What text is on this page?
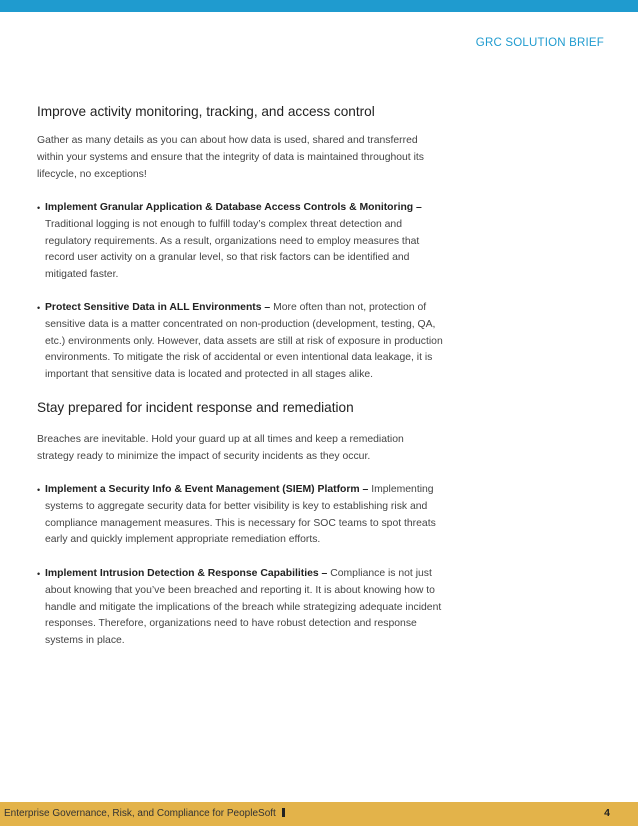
GRC SOLUTION BRIEF
Improve activity monitoring, tracking, and access control

Gather as many details as you can about how data is used, shared and transferred within your systems and ensure that the integrity of data is maintained throughout its lifecycle, no exceptions!

• Implement Granular Application & Database Access Controls & Monitoring – Traditional logging is not enough to fulfill today’s complex threat detection and regulatory requirements. As a result, organizations need to employ measures that record user activity on a granular level, so that risk factors can be identified and mitigated faster.
• Protect Sensitive Data in ALL Environments – More often than not, protection of sensitive data is a matter concentrated on non-production (development, testing, QA, etc.) environments only. However, data assets are still at risk of exposure in production environments. To mitigate the risk of accidental or even intentional data leakage, it is important that sensitive data is located and protected in all stages alike.
Stay prepared for incident response and remediation

Breaches are inevitable. Hold your guard up at all times and keep a remediation strategy ready to minimize the impact of security incidents as they occur.

• Implement a Security Info & Event Management (SIEM) Platform – Implementing systems to aggregate security data for better visibility is key to establishing risk and compliance management measures. This is necessary for SOC teams to spot threats early and quickly implement appropriate remediation efforts.
• Implement Intrusion Detection & Response Capabilities – Compliance is not just about knowing that you’ve been breached and reporting it. It is about knowing how to handle and mitigate the implications of the breach while strategizing adequate incident responses. Therefore, organizations need to have robust detection and response systems in place.
Enterprise Governance, Risk, and Compliance for PeopleSoft	4
